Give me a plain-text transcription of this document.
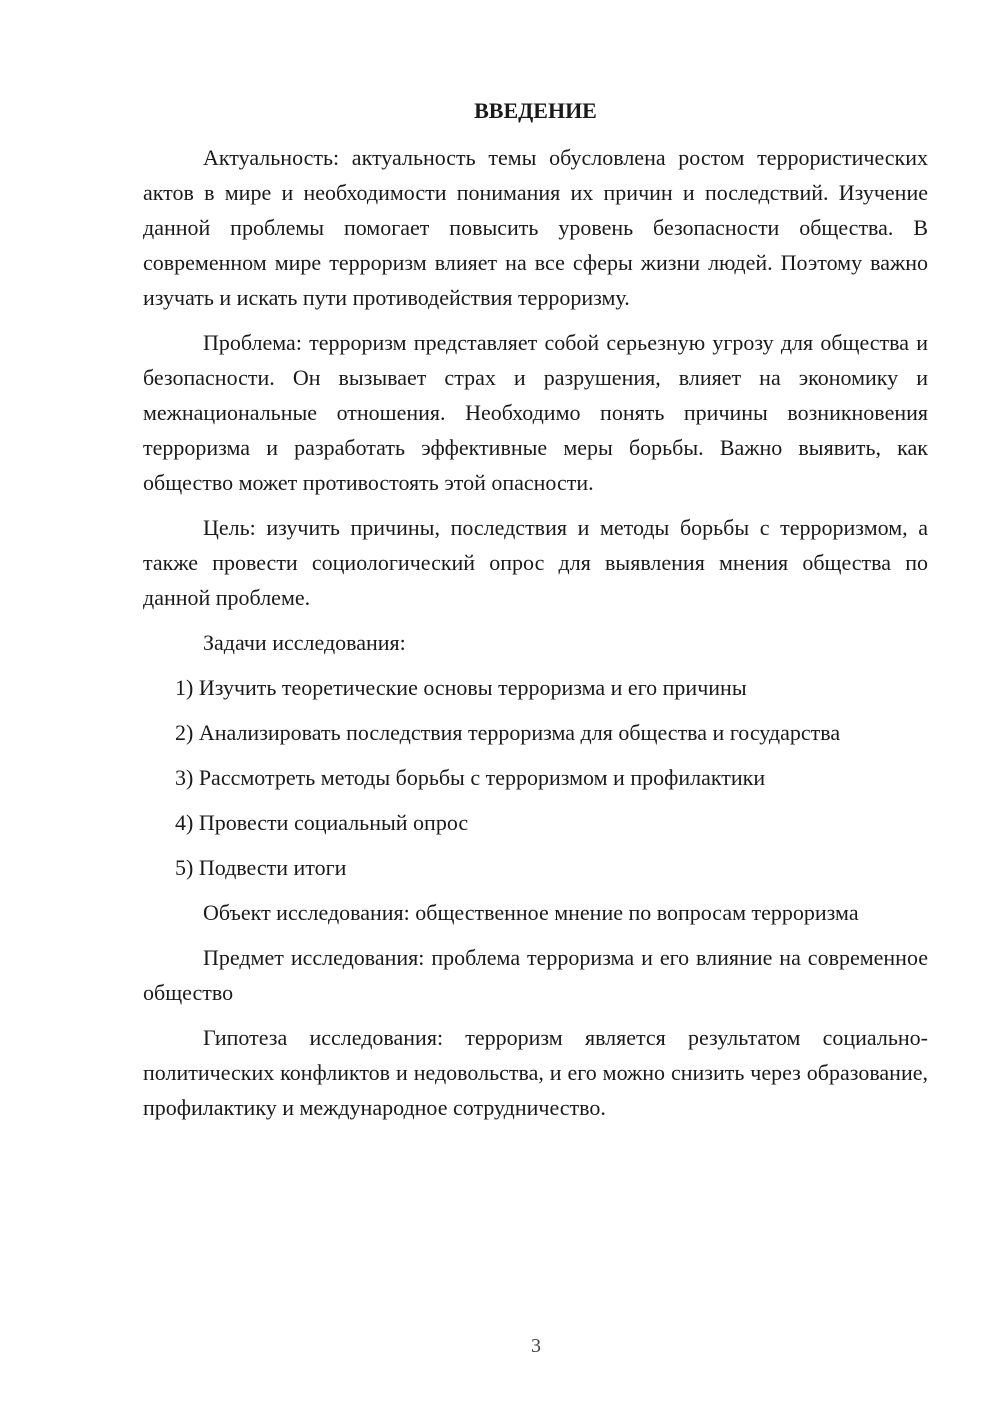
ВВЕДЕНИЕ

Актуальность: актуальность темы обусловлена ростом террористических актов в мире и необходимости понимания их причин и последствий. Изучение данной проблемы помогает повысить уровень безопасности общества. В современном мире терроризм влияет на все сферы жизни людей. Поэтому важно изучать и искать пути противодействия терроризму.

Проблема: терроризм представляет собой серьезную угрозу для общества и безопасности. Он вызывает страх и разрушения, влияет на экономику и межнациональные отношения. Необходимо понять причины возникновения терроризма и разработать эффективные меры борьбы. Важно выявить, как общество может противостоять этой опасности.

Цель: изучить причины, последствия и методы борьбы с терроризмом, а также провести социологический опрос для выявления мнения общества по данной проблеме.

Задачи исследования:

1) Изучить теоретические основы терроризма и его причины

2) Анализировать последствия терроризма для общества и государства

3) Рассмотреть методы борьбы с терроризмом и профилактики

4) Провести социальный опрос

5) Подвести итоги

Объект исследования: общественное мнение по вопросам терроризма

Предмет исследования: проблема терроризма и его влияние на современное общество

Гипотеза исследования: терроризм является результатом социально-политических конфликтов и недовольства, и его можно снизить через образование, профилактику и международное сотрудничество.

3
